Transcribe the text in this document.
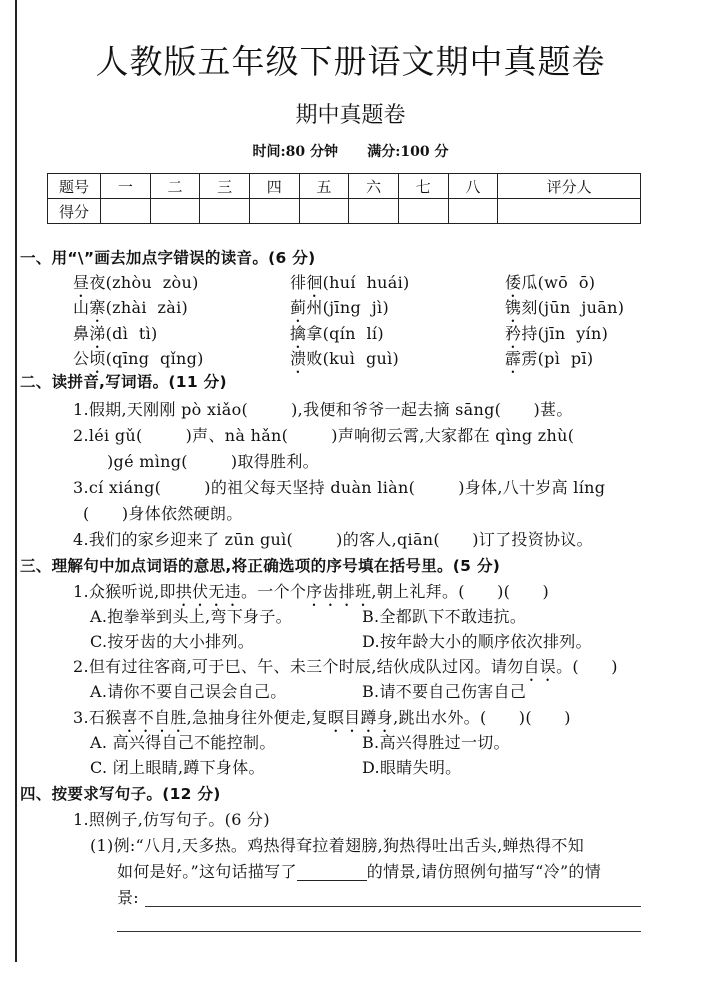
人教版五年级下册语文期中真题卷
期中真题卷
时间:80 分钟 满分:100 分
题号	一	二	三	四	五	六	七	八	评分人
得分									
一、用“\”画去加点字错误的读音。(6 分)
昼夜(zhòu  zòu)	徘徊(huí  huái)	倭瓜(wō  ō)
山寨(zhài  zài)	蓟州(jīng  jì)	镌刻(jūn  juān)
鼻涕(dì  tì)	擒拿(qín  lí)	矜持(jīn  yín)
公顷(qīng  qǐng)	溃败(kuì  guì)	霹雳(pì  pī)
二、读拼音,写词语。(11 分)
1.假期,天刚刚 pò xiǎo(        ),我便和爷爷一起去摘 sāng(      )葚。
2.léi gǔ(        )声、nà hǎn(        )声响彻云霄,大家都在 qìng zhù(
)gé mìng(        )取得胜利。
3.cí xiáng(        )的祖父每天坚持 duàn liàn(        )身体,八十岁高 líng
(      )身体依然硬朗。
4.我们的家乡迎来了 zūn guì(        )的客人,qiān(      )订了投资协议。
三、理解句中加点词语的意思,将正确选项的序号填在括号里。(5 分)
1.众猴听说,即拱伏无违。一个个序齿排班,朝上礼拜。(      )(      )
A.抱拳举到头上,弯下身子。	B.全都趴下不敢违抗。
C.按牙齿的大小排列。	D.按年龄大小的顺序依次排列。
2.但有过往客商,可于巳、午、未三个时辰,结伙成队过冈。请勿自误。(      )
A.请你不要自己误会自己。	B.请不要自己伤害自己
3.石猴喜不自胜,急抽身往外便走,复瞑目蹲身,跳出水外。(      )(      )
A. 高兴得自己不能控制。	B.高兴得胜过一切。
C. 闭上眼睛,蹲下身体。	D.眼睛失明。
四、按要求写句子。(12 分)
1.照例子,仿写句子。(6 分)
(1)例:“八月,天多热。鸡热得耷拉着翅膀,狗热得吐出舌头,蝉热得不知
如何是好。”这句话描写了	的情景,请仿照例句描写“冷”的情
景:
